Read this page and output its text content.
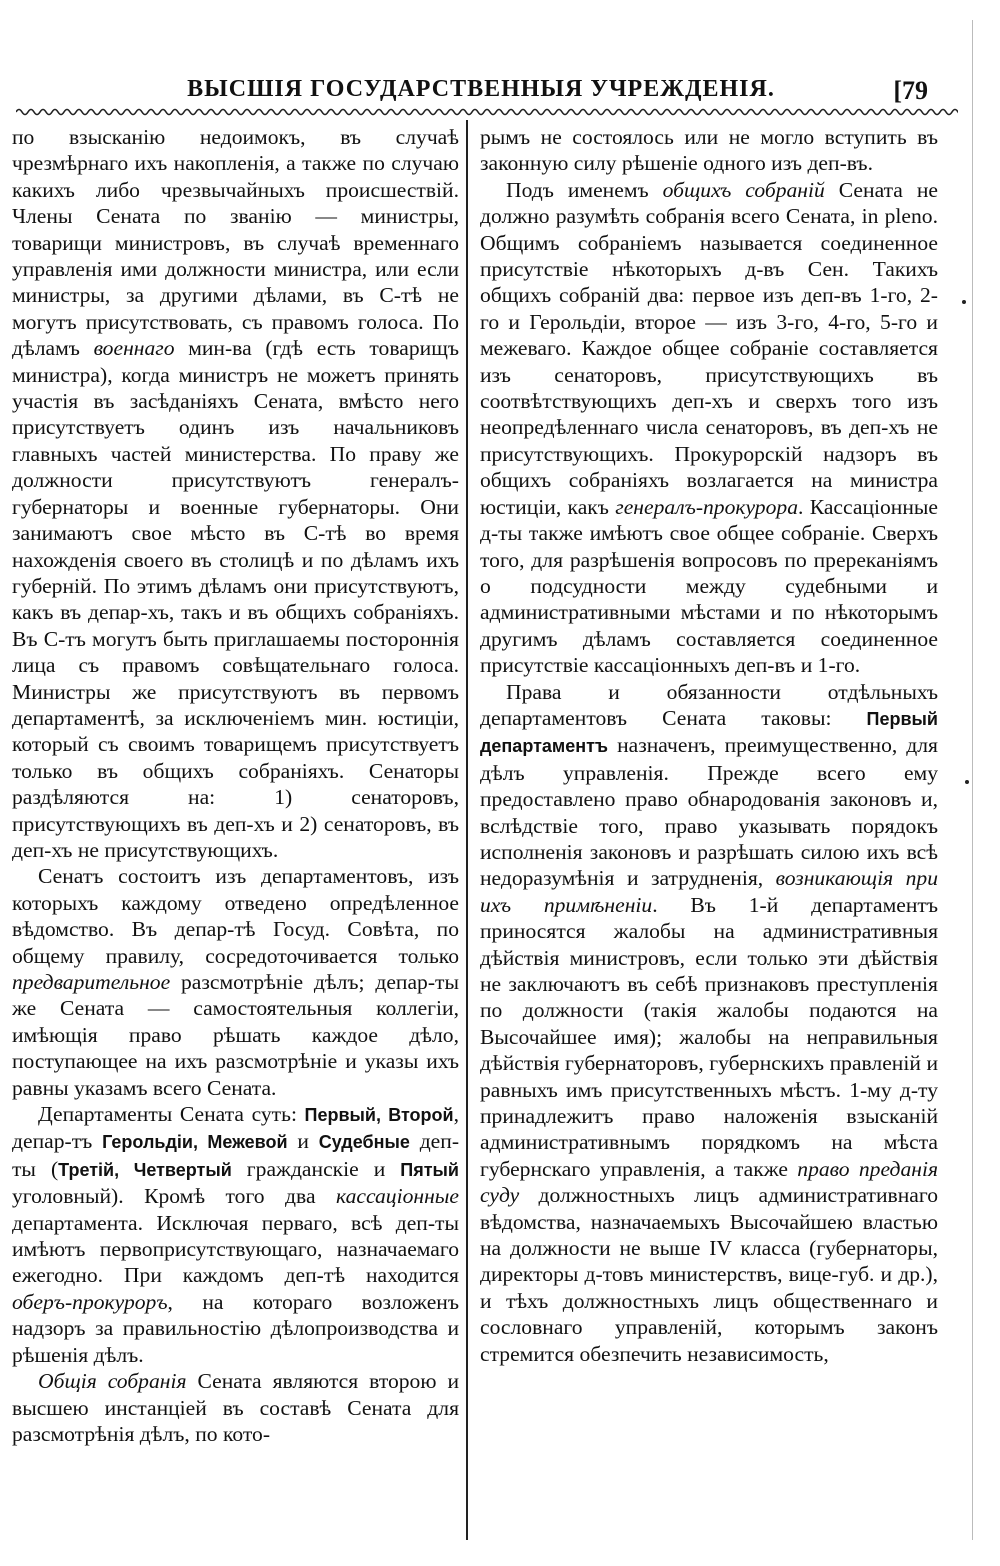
ВЫСШІЯ ГОСУДАРСТВЕННЫЯ УЧРЕЖДЕНІЯ.	[79

по взысканію недоимокъ, въ случаѣ чрезмѣрнаго ихъ накопленія, а также по случаю какихъ либо чрезвычайныхъ происшествій. Члены Сената по званію — министры, товарищи министровъ, въ случаѣ временнаго управленія ими должности министра, или если министры, за другими дѣлами, въ С-тѣ не могутъ присутствовать, съ правомъ голоса. По дѣламъ военнаго мин-ва (гдѣ есть товарищъ министра), когда министръ не можетъ принять участія въ засѣданіяхъ Сената, вмѣсто него присутствуетъ одинъ изъ начальниковъ главныхъ частей министерства. По праву же должности присутствуютъ генералъ-губернаторы и военные губернаторы. Они занимаютъ свое мѣсто въ С-тѣ во время нахожденія своего въ столицѣ и по дѣламъ ихъ губерній. По этимъ дѣламъ они присутствуютъ, какъ въ депар-хъ, такъ и въ общихъ собраніяхъ. Въ С-тъ могутъ быть приглашаемы постороннія лица съ правомъ совѣщательнаго голоса. Министры же присутствуютъ въ первомъ департаментѣ, за исключеніемъ мин. юстиціи, который съ своимъ товарищемъ присутствуетъ только въ общихъ собраніяхъ. Сенаторы раздѣляются на: 1) сенаторовъ, присутствующихъ въ деп-хъ и 2) сенаторовъ, въ деп-хъ не присутствующихъ.

Сенатъ состоитъ изъ департаментовъ, изъ которыхъ каждому отведено опредѣленное вѣдомство. Въ депар-тѣ Госуд. Совѣта, по общему правилу, сосредоточивается только предварительное разсмотрѣніе дѣлъ; депар-ты же Сената — самостоятельныя коллегіи, имѣющія право рѣшать каждое дѣло, поступающее на ихъ разсмотрѣніе и указы ихъ равны указамъ всего Сената.

Департаменты Сената суть: Первый, Второй, депар-тъ Герольдіи, Межевой и Судебные деп-ты (Третій, Четвертый гражданскіе и Пятый уголовный). Кромѣ того два кассаціонные департамента. Исключая перваго, всѣ деп-ты имѣютъ первоприсутствующаго, назначаемаго ежегодно. При каждомъ деп-тѣ находится оберъ-прокуроръ, на котораго возложенъ надзоръ за правильностію дѣлопроизводства и рѣшенія дѣлъ.

Общія собранія Сената являются второю и высшею инстанціей въ составѣ Сената для разсмотрѣнія дѣлъ, по кото-

рымъ не состоялось или не могло вступить въ законную силу рѣшеніе одного изъ деп-въ.

Подъ именемъ общихъ собраній Сената не должно разумѣть собранія всего Сената, in pleno. Общимъ собраніемъ называется соединенное присутствіе нѣкоторыхъ д-въ Сен. Такихъ общихъ собраній два: первое изъ деп-въ 1-го, 2-го и Герольдіи, второе — изъ 3-го, 4-го, 5-го и межеваго. Каждое общее собраніе составляется изъ сенаторовъ, присутствующихъ въ соотвѣтствующихъ деп-хъ и сверхъ того изъ неопредѣленнаго числа сенаторовъ, въ деп-хъ не присутствующихъ. Прокурорскій надзоръ въ общихъ собраніяхъ возлагается на министра юстиціи, какъ генералъ-прокурора. Кассаціонные д-ты также имѣютъ свое общее собраніе. Сверхъ того, для разрѣшенія вопросовъ по пререканіямъ о подсудности между судебными и административными мѣстами и по нѣкоторымъ другимъ дѣламъ составляется соединенное присутствіе кассаціонныхъ деп-въ и 1-го.

Права и обязанности отдѣльныхъ департаментовъ Сената таковы: Первый департаментъ назначенъ, преимущественно, для дѣлъ управленія. Прежде всего ему предоставлено право обнародованія законовъ и, вслѣдствіе того, право указывать порядокъ исполненія законовъ и разрѣшать силою ихъ всѣ недоразумѣнія и затрудненія, возникающія при ихъ примѣненіи. Въ 1-й департаментъ приносятся жалобы на административныя дѣйствія министровъ, если только эти дѣйствія не заключаютъ въ себѣ признаковъ преступленія по должности (такія жалобы подаются на Высочайшее имя); жалобы на неправильныя дѣйствія губернаторовъ, губернскихъ правленій и равныхъ имъ присутственныхъ мѣстъ. 1-му д-ту принадлежитъ право наложенія взысканій административнымъ порядкомъ на мѣста губернскаго управленія, а также право преданія суду должностныхъ лицъ административнаго вѣдомства, назначаемыхъ Высочайшею властью на должности не выше IV класса (губернаторы, директоры д-товъ министерствъ, вице-губ. и др.), и тѣхъ должностныхъ лицъ общественнаго и сословнаго управленій, которымъ законъ стремится обезпечить независимость,
